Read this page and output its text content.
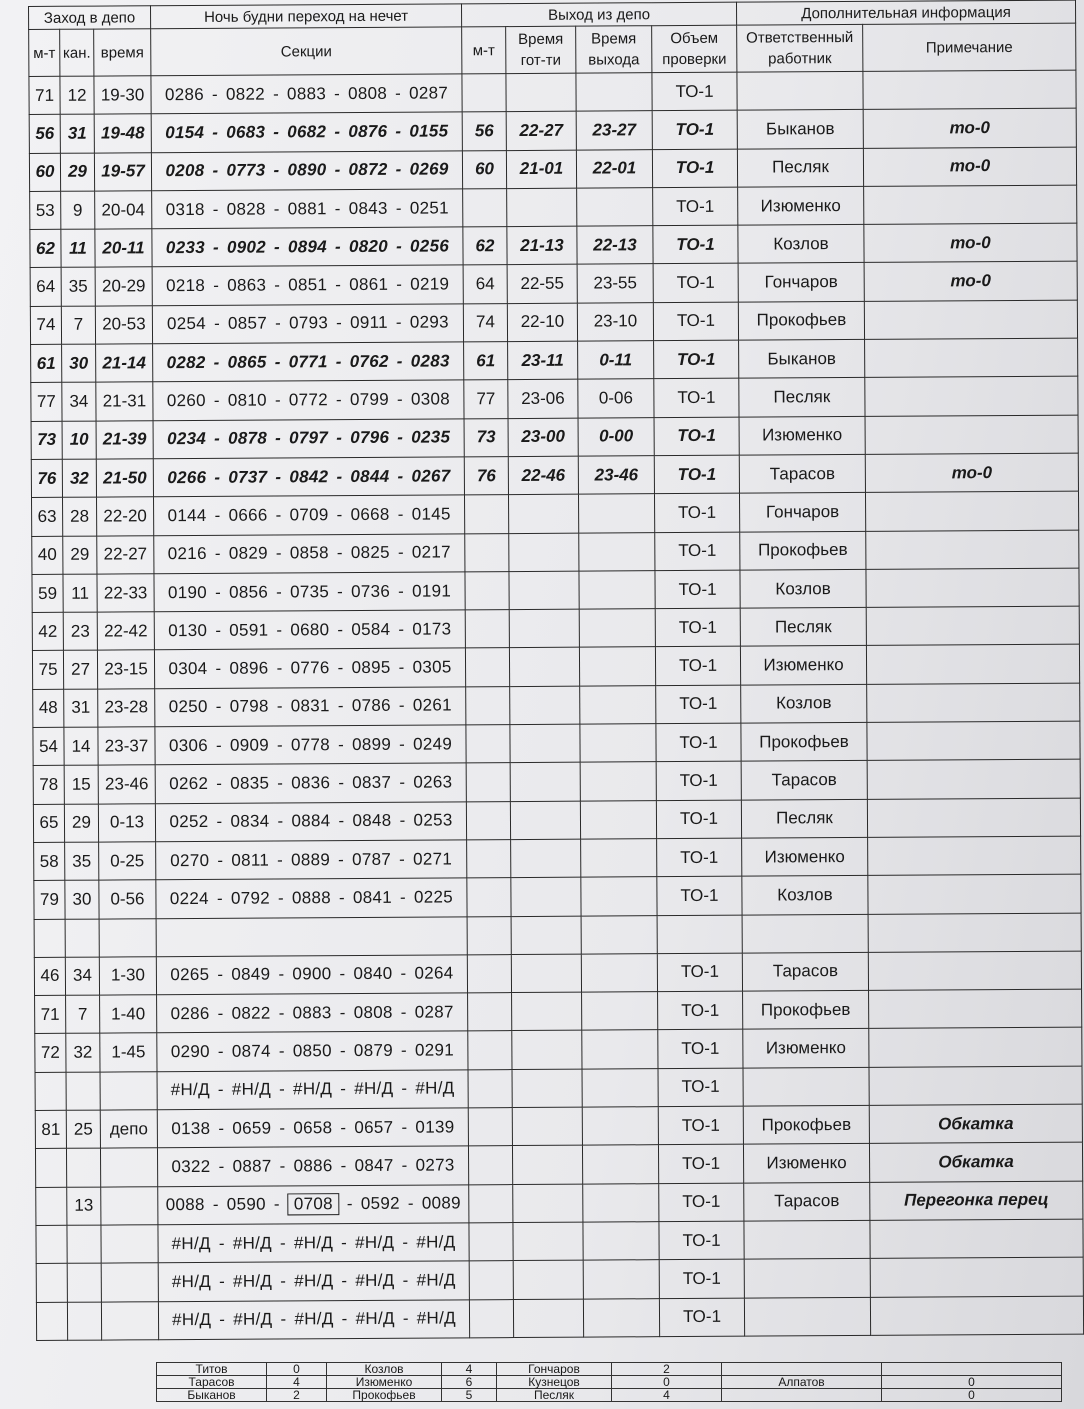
Заход в депо			Ночь будни переход на нечет	Выход из депо				Дополнительная информация	
м-т	кан.	время	Секции	м-т	Время гот-ти	Время выхода	Объем проверки	Ответственный работник	Примечание
71	12	19-30	0286 - 0822 - 0883 - 0808 - 0287				ТО-1		
56	31	19-48	0154 - 0683 - 0682 - 0876 - 0155	56	22-27	23-27	ТО-1	Быканов	то-0
60	29	19-57	0208 - 0773 - 0890 - 0872 - 0269	60	21-01	22-01	ТО-1	Песляк	то-0
53	9	20-04	0318 - 0828 - 0881 - 0843 - 0251				ТО-1	Изюменко	
62	11	20-11	0233 - 0902 - 0894 - 0820 - 0256	62	21-13	22-13	ТО-1	Козлов	то-0
64	35	20-29	0218 - 0863 - 0851 - 0861 - 0219	64	22-55	23-55	ТО-1	Гончаров	то-0
74	7	20-53	0254 - 0857 - 0793 - 0911 - 0293	74	22-10	23-10	ТО-1	Прокофьев	
61	30	21-14	0282 - 0865 - 0771 - 0762 - 0283	61	23-11	0-11	ТО-1	Быканов	
77	34	21-31	0260 - 0810 - 0772 - 0799 - 0308	77	23-06	0-06	ТО-1	Песляк	
73	10	21-39	0234 - 0878 - 0797 - 0796 - 0235	73	23-00	0-00	ТО-1	Изюменко	
76	32	21-50	0266 - 0737 - 0842 - 0844 - 0267	76	22-46	23-46	ТО-1	Тарасов	то-0
63	28	22-20	0144 - 0666 - 0709 - 0668 - 0145				ТО-1	Гончаров	
40	29	22-27	0216 - 0829 - 0858 - 0825 - 0217				ТО-1	Прокофьев	
59	11	22-33	0190 - 0856 - 0735 - 0736 - 0191				ТО-1	Козлов	
42	23	22-42	0130 - 0591 - 0680 - 0584 - 0173				ТО-1	Песляк	
75	27	23-15	0304 - 0896 - 0776 - 0895 - 0305				ТО-1	Изюменко	
48	31	23-28	0250 - 0798 - 0831 - 0786 - 0261				ТО-1	Козлов	
54	14	23-37	0306 - 0909 - 0778 - 0899 - 0249				ТО-1	Прокофьев	
78	15	23-46	0262 - 0835 - 0836 - 0837 - 0263				ТО-1	Тарасов	
65	29	0-13	0252 - 0834 - 0884 - 0848 - 0253				ТО-1	Песляк	
58	35	0-25	0270 - 0811 - 0889 - 0787 - 0271				ТО-1	Изюменко	
79	30	0-56	0224 - 0792 - 0888 - 0841 - 0225				ТО-1	Козлов	

46	34	1-30	0265 - 0849 - 0900 - 0840 - 0264				ТО-1	Тарасов	
71	7	1-40	0286 - 0822 - 0883 - 0808 - 0287				ТО-1	Прокофьев	
72	32	1-45	0290 - 0874 - 0850 - 0879 - 0291				ТО-1	Изюменко	
			#Н/Д - #Н/Д - #Н/Д - #Н/Д - #Н/Д				ТО-1		
81	25	депо	0138 - 0659 - 0658 - 0657 - 0139				ТО-1	Прокофьев	Обкатка
			0322 - 0887 - 0886 - 0847 - 0273				ТО-1	Изюменко	Обкатка
	13		0088 - 0590 - 0708 - 0592 - 0089				ТО-1	Тарасов	Перегонка перец
			#Н/Д - #Н/Д - #Н/Д - #Н/Д - #Н/Д				ТО-1		
			#Н/Д - #Н/Д - #Н/Д - #Н/Д - #Н/Д				ТО-1		
			#Н/Д - #Н/Д - #Н/Д - #Н/Д - #Н/Д				ТО-1		
Титов	0	Козлов	4	Гончаров	2		
Тарасов	4	Изюменко	6	Кузнецов	0	Алпатов	0
Быканов	2	Прокофьев	5	Песляк	4		0
